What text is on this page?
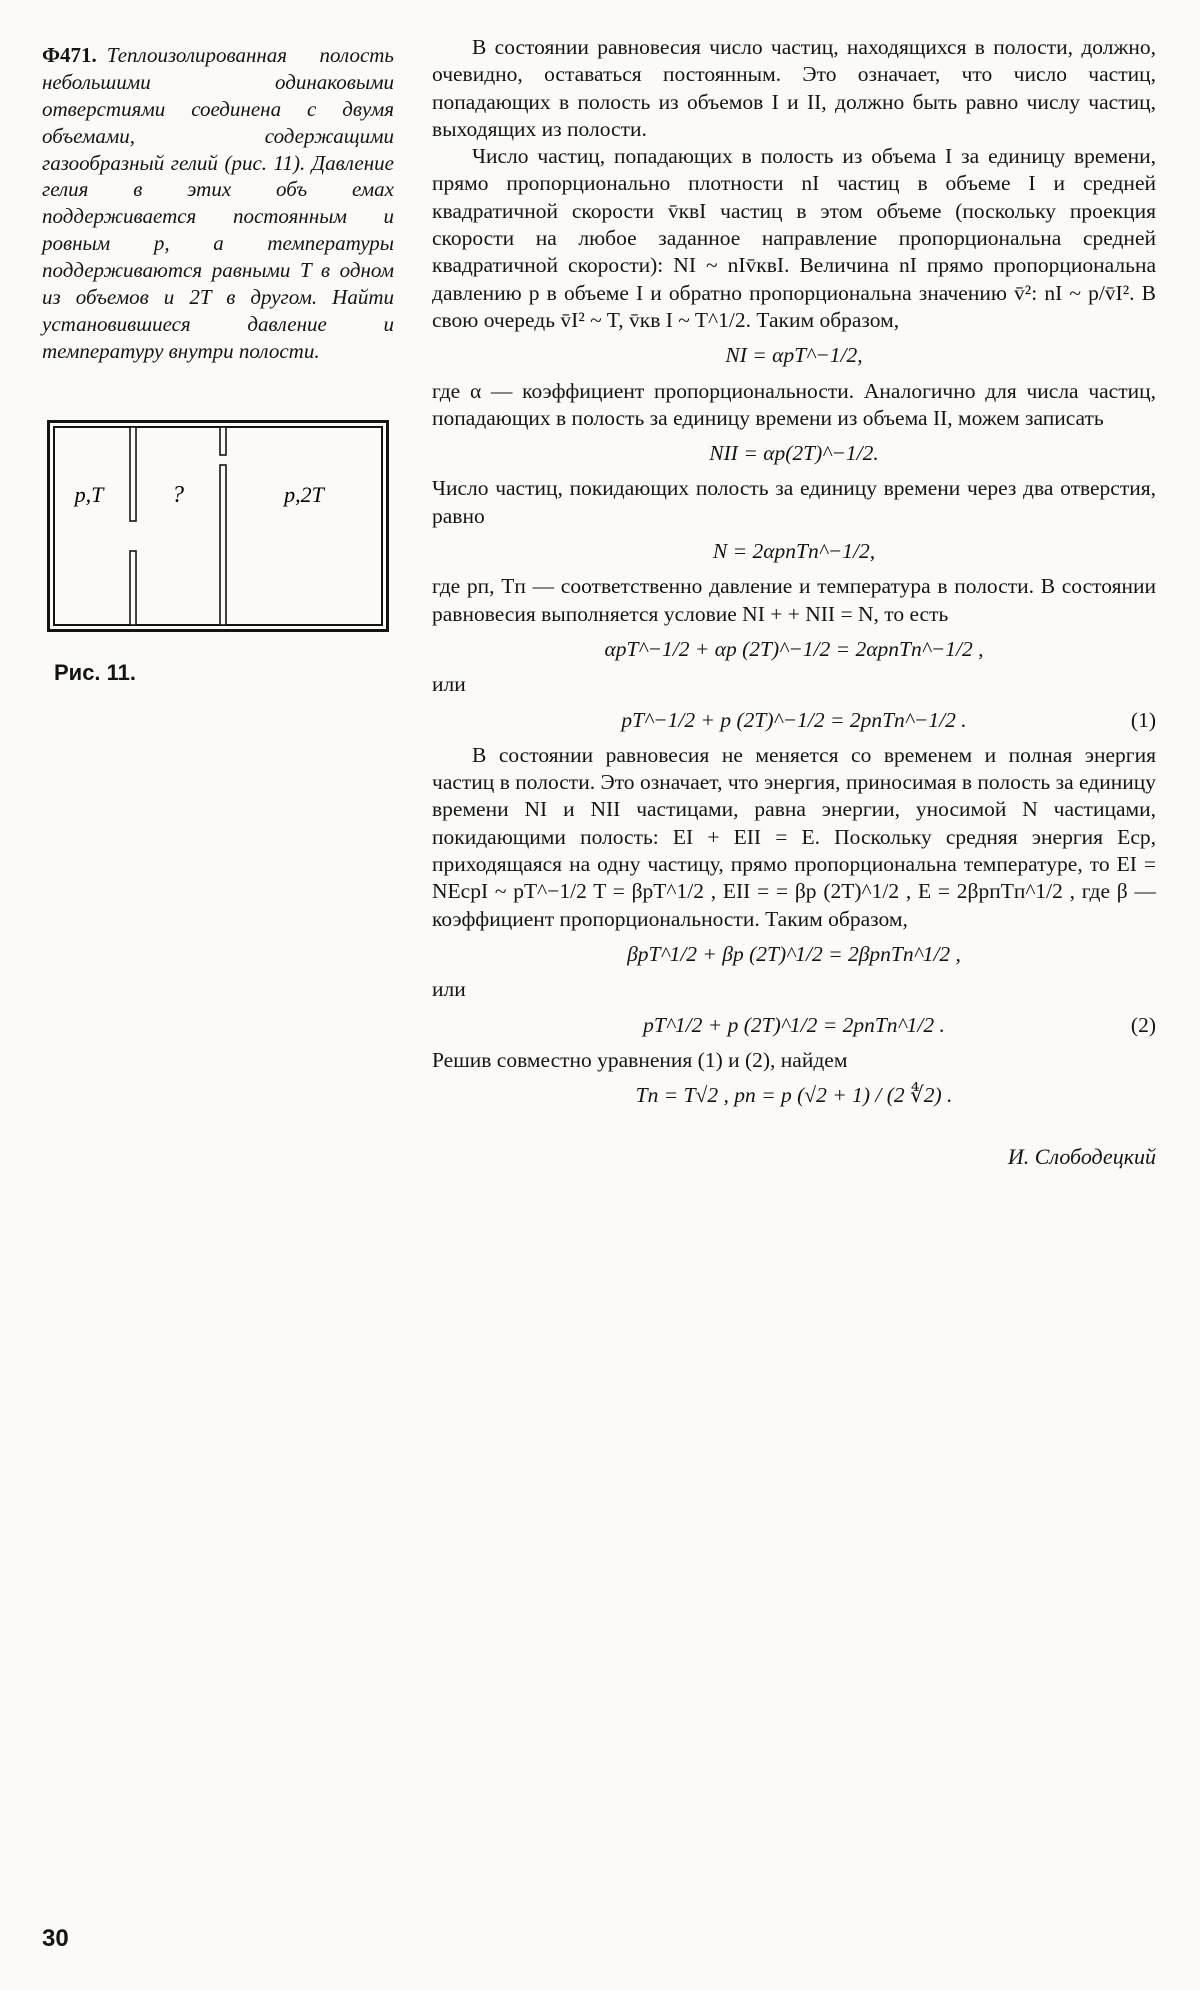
Ф471. Теплоизолированная полость небольшими одинаковыми отверстиями соединена с двумя объемами, содержащими газообразный гелий (рис. 11). Давление гелия в этих объ емах поддерживается постоянным и ровным p, а температуры поддерживаются равными T в одном из объемов и 2T в другом. Найти установившиеся давление и температуру внутри полости.

p,T	?	p,2T

Рис. 11.

В состоянии равновесия число частиц, находящихся в полости, должно, очевидно, оставаться постоянным. Это означает, что число частиц, попадающих в полость из объемов I и II, должно быть равно числу частиц, выходящих из полости.

Число частиц, попадающих в полость из объема I за единицу времени, прямо пропорционально плотности nI частиц в объеме I и средней квадратичной скорости v̄квI частиц в этом объеме (поскольку проекция скорости на любое заданное направление пропорциональна средней квадратичной скорости): NI ~ nIv̄квI. Величина nI прямо пропорциональна давлению p в объеме I и обратно пропорциональна значению v̄²: nI ~ p/v̄I². В свою очередь v̄I² ~ T, v̄кв I ~ T^1/2. Таким образом,

NI = αpT^−1/2,

где α — коэффициент пропорциональности. Аналогично для числа частиц, попадающих в полость за единицу времени из объема II, можем записать

NII = αp(2T)^−1/2.

Число частиц, покидающих полость за единицу времени через два отверстия, равно

N = 2αpпTп^−1/2,

где pп, Tп — соответственно давление и температура в полости. В состоянии равновесия выполняется условие NI + + NII = N, то есть

αpT^−1/2 + αp (2T)^−1/2 = 2αpпTп^−1/2 ,

или

pT^−1/2 + p (2T)^−1/2 = 2pпTп^−1/2 .	(1)

В состоянии равновесия не меняется со временем и полная энергия частиц в полости. Это означает, что энергия, приносимая в полость за единицу времени NI и NII частицами, равна энергии, уносимой N частицами, покидающими полость: EI + EII = E. Поскольку средняя энергия Eср, приходящаяся на одну частицу, прямо пропорциональна температуре, то EI = NEсрI ~ pT^−1/2 T = βpT^1/2 , EII = = βp (2T)^1/2 , E = 2βpпTп^1/2 , где β — коэффициент пропорциональности. Таким образом,

βpT^1/2 + βp (2T)^1/2 = 2βpпTп^1/2 ,

или

pT^1/2 + p (2T)^1/2 = 2pпTп^1/2 .	(2)

Решив совместно уравнения (1) и (2), найдем

Tп = T√2 , pп = p (√2 + 1) / (2 ∜2) .

И. Слободецкий

30
